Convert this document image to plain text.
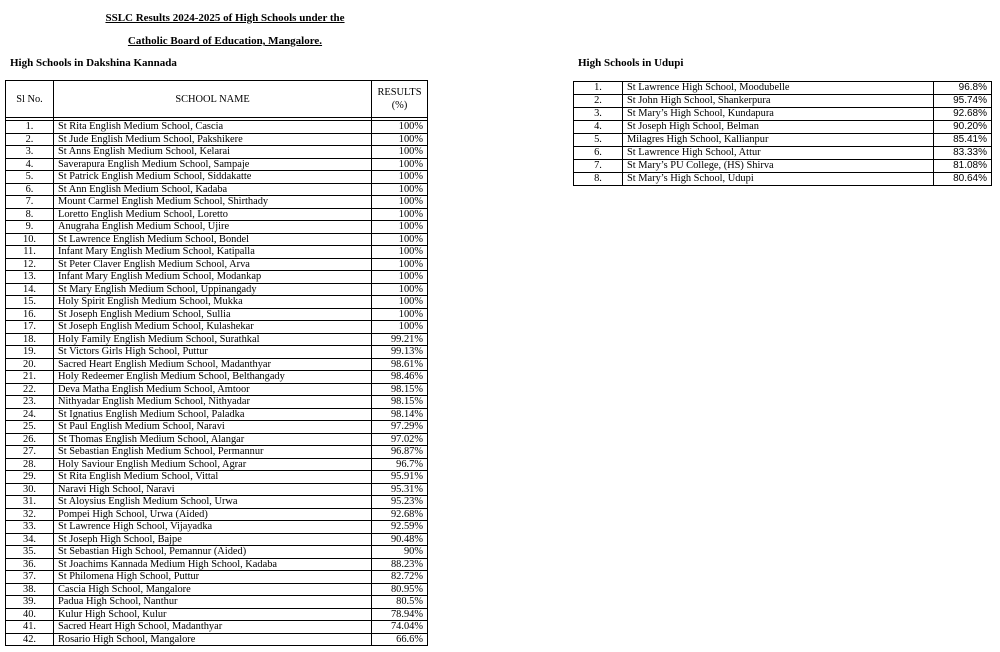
SSLC Results 2024-2025 of High Schools under the
Catholic Board of Education, Mangalore.
High Schools in Dakshina Kannada	High Schools in Udupi
Sl No.	SCHOOL NAME	RESULTS
(%)

1.	St Rita English Medium School, Cascia	100%
2.	St Jude English Medium School, Pakshikere	100%
3.	St Anns English Medium School, Kelarai	100%
4.	Saverapura English Medium School, Sampaje	100%
5.	St Patrick English Medium School, Siddakatte	100%
6.	St Ann English Medium School, Kadaba	100%
7.	Mount Carmel English Medium School, Shirthady	100%
8.	Loretto English Medium School, Loretto	100%
9.	Anugraha English Medium School, Ujire	100%
10.	St Lawrence English Medium School, Bondel	100%
11.	Infant Mary English Medium School, Katipalla	100%
12.	St Peter Claver English Medium School, Arva	100%
13.	Infant Mary English Medium School, Modankap	100%
14.	St Mary English Medium School, Uppinangady	100%
15.	Holy Spirit English Medium School, Mukka	100%
16.	St Joseph English Medium School, Sullia	100%
17.	St Joseph English Medium School, Kulashekar	100%
18.	Holy Family English Medium School, Surathkal	99.21%
19.	St Victors Girls High School, Puttur	99.13%
20.	Sacred Heart English Medium School, Madanthyar	98.61%
21.	Holy Redeemer English Medium School, Belthangady	98.46%
22.	Deva Matha English Medium School, Amtoor	98.15%
23.	Nithyadar English Medium School, Nithyadar	98.15%
24.	St Ignatius English Medium School, Paladka	98.14%
25.	St Paul English Medium School, Naravi	97.29%
26.	St Thomas English Medium School, Alangar	97.02%
27.	St Sebastian English Medium School, Permannur	96.87%
28.	Holy Saviour English Medium School, Agrar	96.7%
29.	St Rita English Medium School, Vittal	95.91%
30.	Naravi High School, Naravi	95.31%
31.	St Aloysius English Medium School, Urwa	95.23%
32.	Pompei High School, Urwa (Aided)	92.68%
33.	St Lawrence High School, Vijayadka	92.59%
34.	St Joseph High School, Bajpe	90.48%
35.	St Sebastian High School, Pemannur (Aided)	90%
36.	St Joachims Kannada Medium High School, Kadaba	88.23%
37.	St Philomena High School, Puttur	82.72%
38.	Cascia High School, Mangalore	80.95%
39.	Padua High School, Nanthur	80.5%
40.	Kulur High School, Kulur	78.94%
41.	Sacred Heart High School, Madanthyar	74.04%
42.	Rosario High School, Mangalore	66.6%
1.	St Lawrence High School, Moodubelle	96.8%
2.	St John High School, Shankerpura	95.74%
3.	St Mary’s High School, Kundapura	92.68%
4.	St Joseph High School, Belman	90.20%
5.	Milagres High School, Kallianpur	85.41%
6.	St Lawrence High School, Attur	83.33%
7.	St Mary’s PU College, (HS) Shirva	81.08%
8.	St Mary’s High School, Udupi	80.64%
